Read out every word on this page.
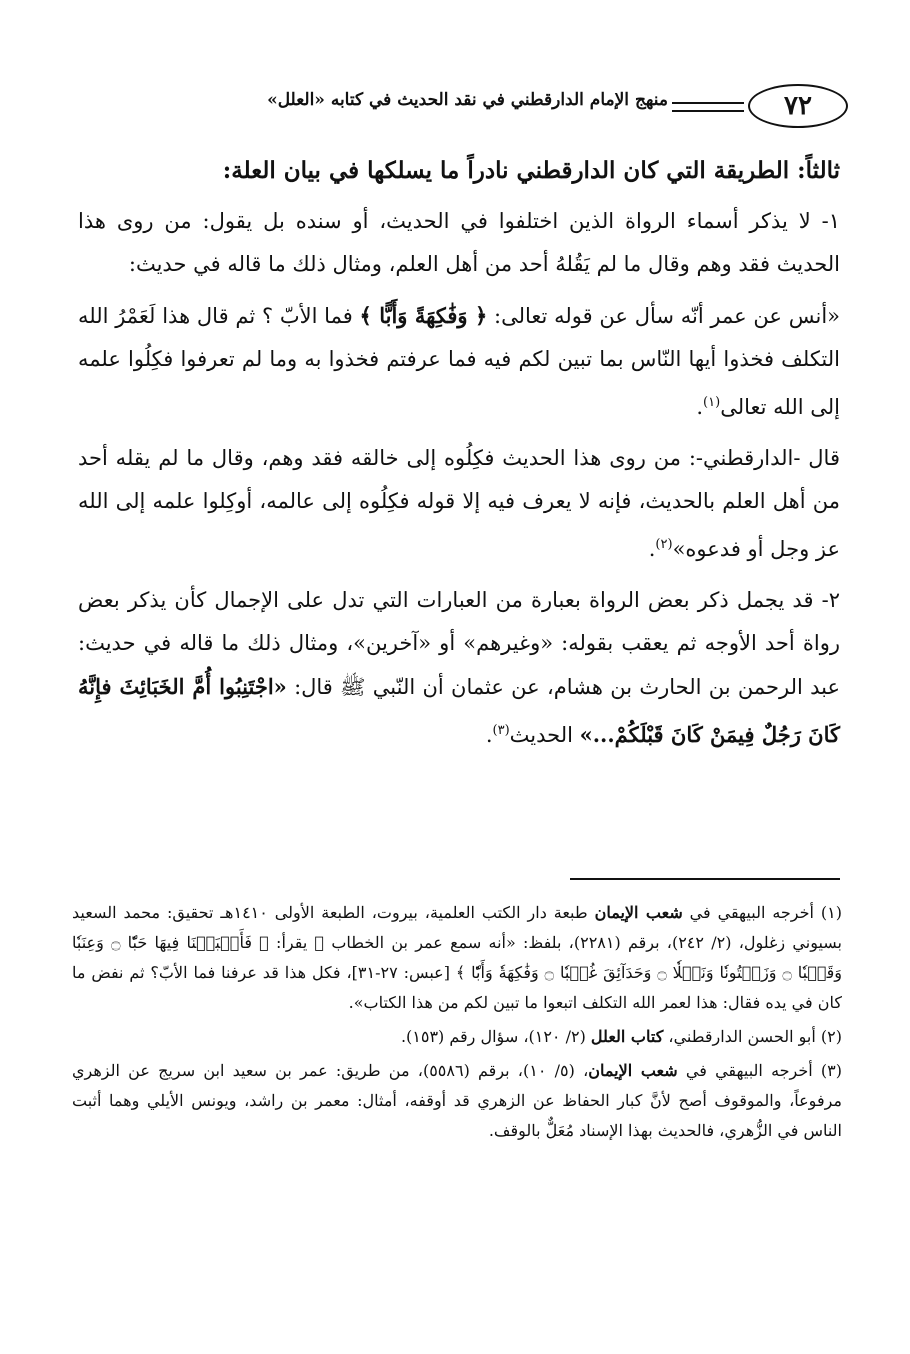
٧٢
منهج الإمام الدارقطني في نقد الحديث في كتابه «العلل»
ثالثاً: الطريقة التي كان الدارقطني نادراً ما يسلكها في بيان العلة:

١- لا يذكر أسماء الرواة الذين اختلفوا في الحديث، أو سنده بل يقول: من روى هذا الحديث فقد وهم وقال ما لم يَقُلهُ أحد من أهل العلم، ومثال ذلك ما قاله في حديث:

«أنس عن عمر أنّه سأل عن قوله تعالى: ﴿ وَفَٰكِهَةً وَأَبًّا ﴾ فما الأبّ ؟ ثم قال هذا لَعَمْرُ الله التكلف فخذوا أيها النّاس بما تبين لكم فيه فما عرفتم فخذوا به وما لم تعرفوا فكِلُوا علمه إلى الله تعالى$^{(١)}$.

قال -الدارقطني-: من روى هذا الحديث فكِلُوه إلى خالقه فقد وهم، وقال ما لم يقله أحد من أهل العلم بالحديث، فإنه لا يعرف فيه إلا قوله فكِلُوه إلى عالمه، أوكِلوا علمه إلى الله عز وجل أو فدعوه»$^{(٢)}$.

٢- قد يجمل ذكر بعض الرواة بعبارة من العبارات التي تدل على الإجمال كأن يذكر بعض رواة أحد الأوجه ثم يعقب بقوله: «وغيرهم» أو «آخرين»، ومثال ذلك ما قاله في حديث: عبد الرحمن بن الحارث بن هشام، عن عثمان أن النّبي ﷺ قال: «اجْتَنِبُوا أُمَّ الخَبَائِثَ فإِنَّهُ كَانَ رَجُلٌ فِيمَنْ كَانَ قَبْلَكُمْ...» الحديث$^{(٣)}$.

(١) أخرجه البيهقي في شعب الإيمان طبعة دار الكتب العلمية، بيروت، الطبعة الأولى ١٤١٠هـ تحقيق: محمد السعيد بسيوني زغلول، (٢/ ٢٤٢)، برقم (٢٢٨١)، بلفظ: «أنه سمع عمر بن الخطاب ﷺ يقرأ: ﴿ فَأَنۢبَتۡنَا فِيهَا حَبّٗا ۝ وَعِنَبٗا وَقَضۡبٗا ۝ وَزَيۡتُونٗا وَنَخۡلٗا ۝ وَحَدَآئِقَ غُلۡبٗا ۝ وَفَٰكِهَةٗ وَأَبّٗا ﴾ [عبس: ٢٧-٣١]، فكل هذا قد عرفنا فما الأبّ؟ ثم نفض ما كان في يده فقال: هذا لعمر الله التكلف اتبعوا ما تبين لكم من هذا الكتاب».

(٢) أبو الحسن الدارقطني، كتاب العلل (٢/ ١٢٠)، سؤال رقم (١٥٣).

(٣) أخرجه البيهقي في شعب الإيمان، (٥/ ١٠)، برقم (٥٥٨٦)، من طريق: عمر بن سعيد ابن سريج عن الزهري مرفوعاً، والموقوف أصح لأنَّ كبار الحفاظ عن الزهري قد أوقفه، أمثال: معمر بن راشد، ويونس الأيلي وهما أثبت الناس في الزُّهري، فالحديث بهذا الإسناد مُعَلٌّ بالوقف.
